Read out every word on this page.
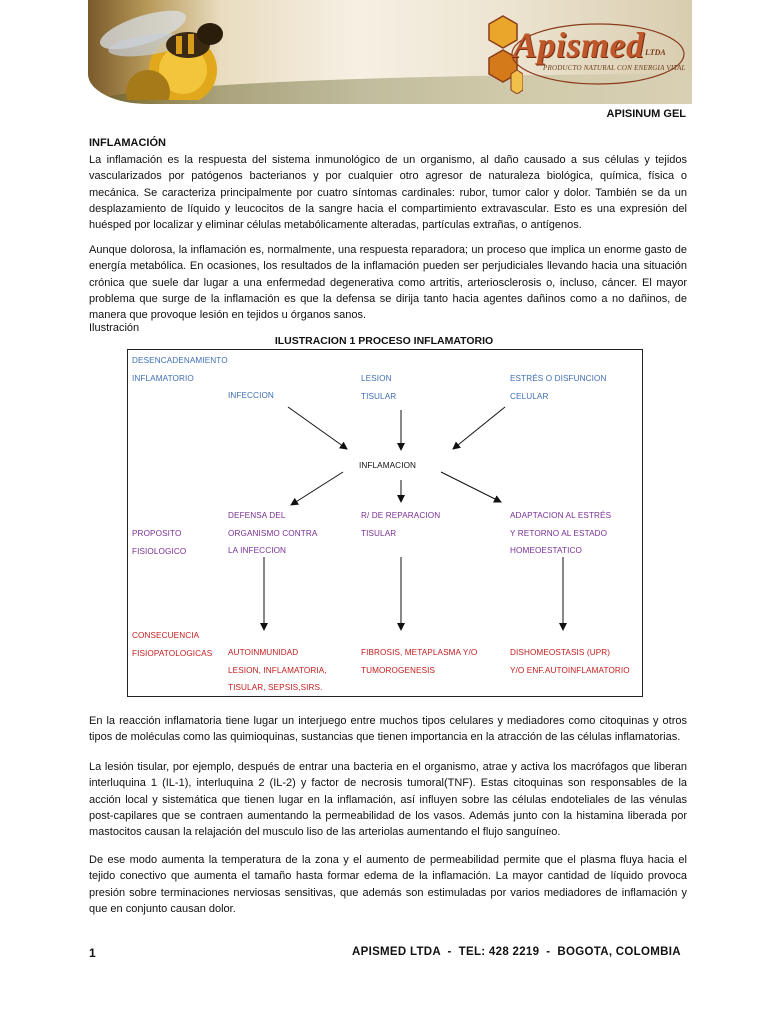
Apismed LTDA
PRODUCTO NATURAL CON ENERGIA VITAL
APISINUM GEL
INFLAMACIÓN

La inflamación es la respuesta del sistema inmunológico de un organismo, al daño causado a sus células y tejidos vascularizados por patógenos bacterianos y por cualquier otro agresor de naturaleza biológica, química, física o mecánica. Se caracteriza principalmente por cuatro síntomas cardinales: rubor, tumor calor y dolor. También se da un desplazamiento de líquido y leucocitos de la sangre hacia el compartimiento extravascular. Esto es una expresión del huésped por localizar y eliminar células metabólicamente alteradas, partículas extrañas, o antígenos.

Aunque dolorosa, la inflamación es, normalmente, una respuesta reparadora; un proceso que implica un enorme gasto de energía metabólica. En ocasiones, los resultados de la inflamación pueden ser perjudiciales llevando hacia una situación crónica que suele dar lugar a una enfermedad degenerativa como artritis, arteriosclerosis o, incluso, cáncer. El mayor problema que surge de la inflamación es que la defensa se dirija tanto hacia agentes dañinos como a no dañinos, de manera que provoque lesión en tejidos u órganos sanos.

Ilustración

ILUSTRACION 1 PROCESO INFLAMATORIO
DESENCADENAMIENTO
INFLAMATORIO
INFECCION
LESION
TISULAR
ESTRÉS O DISFUNCION
CELULAR
INFLAMACION
PROPOSITO
FISIOLOGICO
DEFENSA DEL
ORGANISMO CONTRA
LA INFECCION
R/ DE REPARACION
TISULAR
ADAPTACION AL ESTRÉS
Y RETORNO AL ESTADO
HOMEOESTATICO
CONSECUENCIA
FISIOPATOLOGICAS AUTOINMUNIDAD
LESION, INFLAMATORIA,
TISULAR, SEPSIS,SIRS.
FIBROSIS, METAPLASMA Y/O
TUMOROGENESIS
DISHOMEOSTASIS (UPR)
Y/O ENF.AUTOINFLAMATORIO

En la reacción inflamatoria tiene lugar un interjuego entre muchos tipos celulares y mediadores como citoquinas y otros tipos de moléculas como las quimioquinas, sustancias que tienen importancia en la atracción de las células inflamatorias.

La lesión tisular, por ejemplo, después de entrar una bacteria en el organismo, atrae y activa los macrófagos que liberan interluquina 1 (IL-1), interluquina 2 (IL-2) y factor de necrosis tumoral(TNF). Estas citoquinas son responsables de la acción local y sistemática que tienen lugar en la inflamación, así influyen sobre las células endoteliales de las vénulas post-capilares que se contraen aumentando la permeabilidad de los vasos. Además junto con la histamina liberada por mastocitos causan la relajación del musculo liso de las arteriolas aumentando el flujo sanguíneo.

De ese modo aumenta la temperatura de la zona y el aumento de permeabilidad permite que el plasma fluya hacia el tejido conectivo que aumenta el tamaño hasta formar edema de la inflamación. La mayor cantidad de líquido provoca presión sobre terminaciones nerviosas sensitivas, que además son estimuladas por varios mediadores de inflamación y que en conjunto causan dolor.

1	APISMED LTDA  -  TEL: 428 2219  -  BOGOTA, COLOMBIA
